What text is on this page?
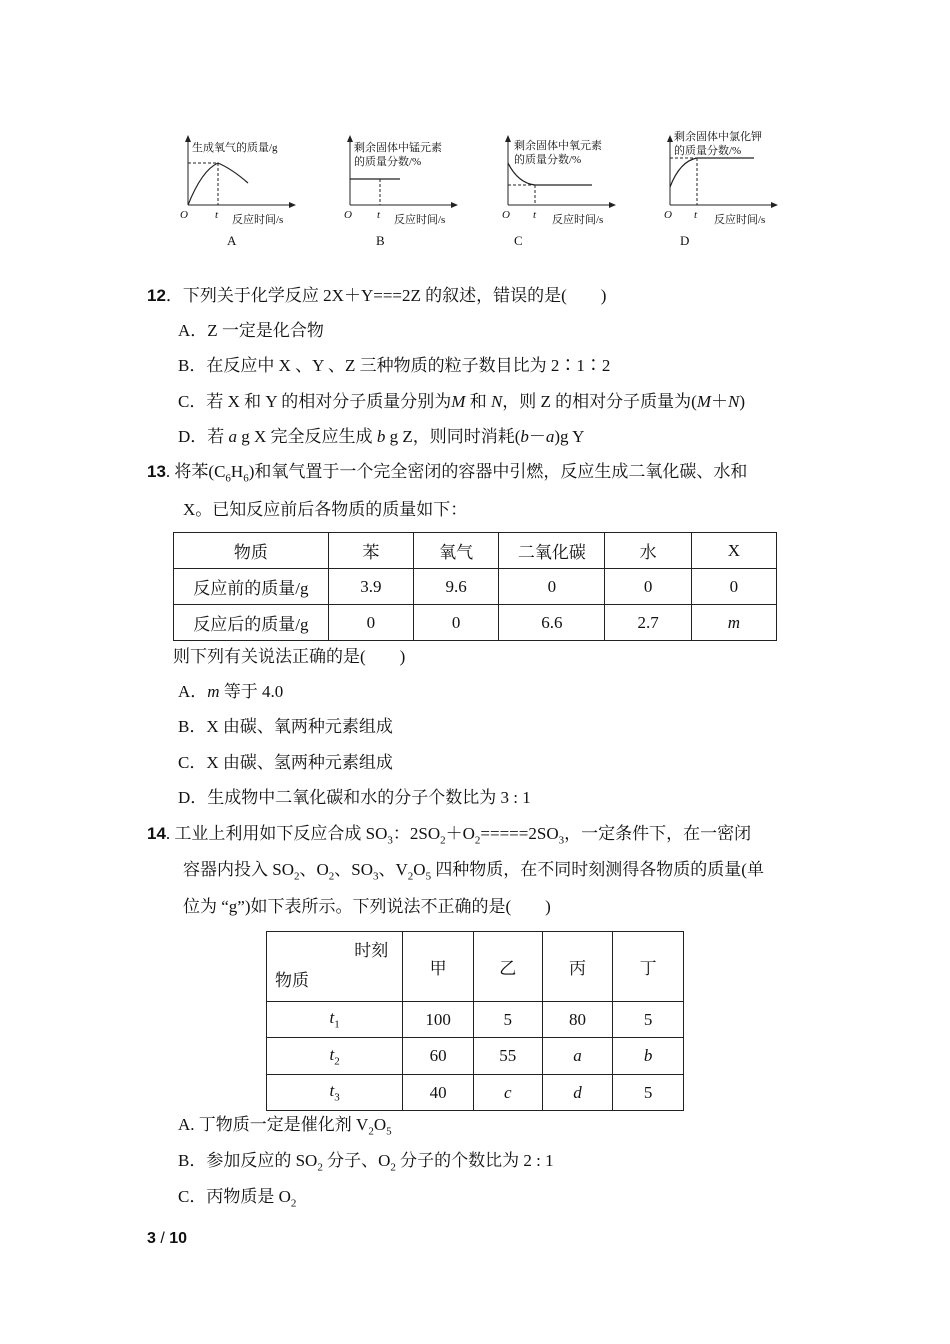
生成氧气的质量/g
O t 反应时间/s
A
剩余固体中锰元素
的质量分数/%
O t 反应时间/s
B
剩余固体中氧元素
的质量分数/%
O t 反应时间/s
C
剩余固体中氯化钾
的质量分数/%
O t 反应时间/s
D
12．下列关于化学反应 2X＋Y===2Z 的叙述，错误的是(　　)
A．Z 一定是化合物
B．在反应中 X 、Y 、Z 三种物质的粒子数目比为 2∶1∶2
C．若 X 和 Y 的相对分子质量分别为M 和 N，则 Z 的相对分子质量为(M＋N)
D．若 a g X 完全反应生成 b g Z，则同时消耗(b－a)g Y
13. 将苯$(C_6H_6)$和氧气置于一个完全密闭的容器中引燃，反应生成二氧化碳、水和
X。已知反应前后各物质的质量如下：
物质	苯	氧气	二氧化碳	水	X
反应前的质量/g	3.9	9.6	0	0	0
反应后的质量/g	0	0	6.6	2.7	m
则下列有关说法正确的是(　　)
A．m 等于 4.0
B．X 由碳、氧两种元素组成
C．X 由碳、氢两种元素组成
D．生成物中二氧化碳和水的分子个数比为 3 : 1
14. 工业上利用如下反应合成 $SO_3$：$2SO_2+O_2=====2SO_3$，一定条件下，在一密闭
容器内投入 $SO_2$、$O_2$、$SO_3$、$V_2O_5$ 四种物质，在不同时刻测得各物质的质量(单
位为 “g”)如下表所示。下列说法不正确的是(　　)
时刻
物质	甲	乙	丙	丁
$t_1$	100	5	80	5
$t_2$	60	55	a	b
$t_3$	40	c	d	5
A. 丁物质一定是催化剂 $V_2O_5$
B．参加反应的 $SO_2$ 分子、$O_2$ 分子的个数比为 2 : 1
C．丙物质是 $O_2$
3 / 10
